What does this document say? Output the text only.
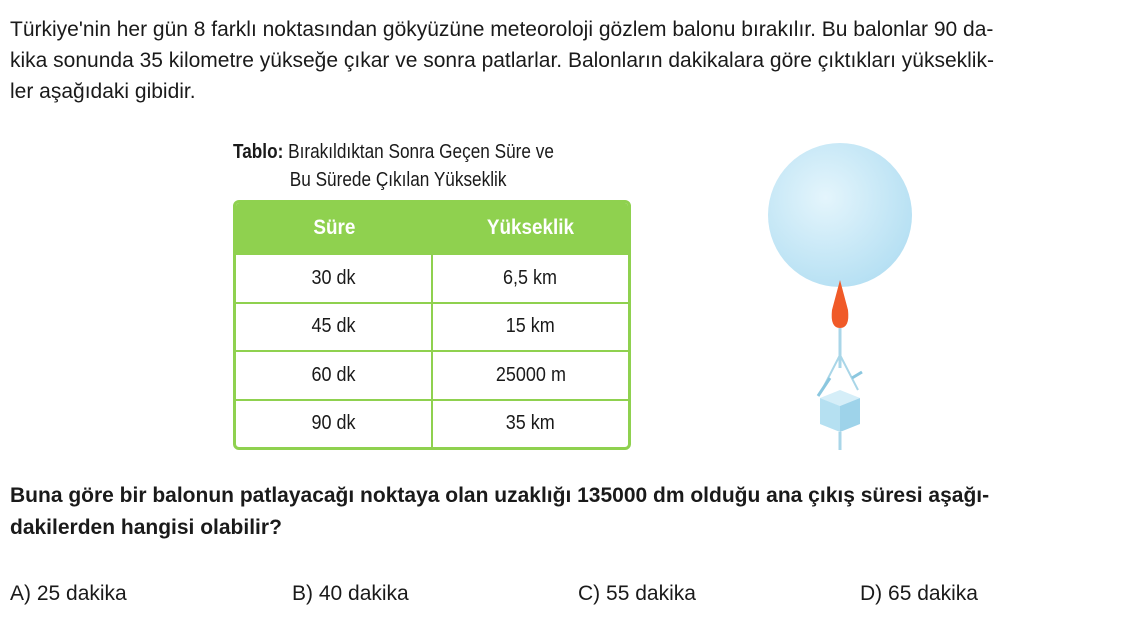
Türkiye'nin her gün 8 farklı noktasından gökyüzüne meteoroloji gözlem balonu bırakılır. Bu balonlar 90 da-
kika sonunda 35 kilometre yükseğe çıkar ve sonra patlarlar. Balonların dakikalara göre çıktıkları yükseklik-
ler aşağıdaki gibidir.

Tablo: Bırakıldıktan Sonra Geçen Süre ve
Bu Sürede Çıkılan Yükseklik
Süre	Yükseklik
30 dk	6,5 km
45 dk	15 km
60 dk	25000 m
90 dk	35 km

Buna göre bir balonun patlayacağı noktaya olan uzaklığı 135000 dm olduğu ana çıkış süresi aşağı-
dakilerden hangisi olabilir?

A) 25 dakika	B) 40 dakika	C) 55 dakika	D) 65 dakika
